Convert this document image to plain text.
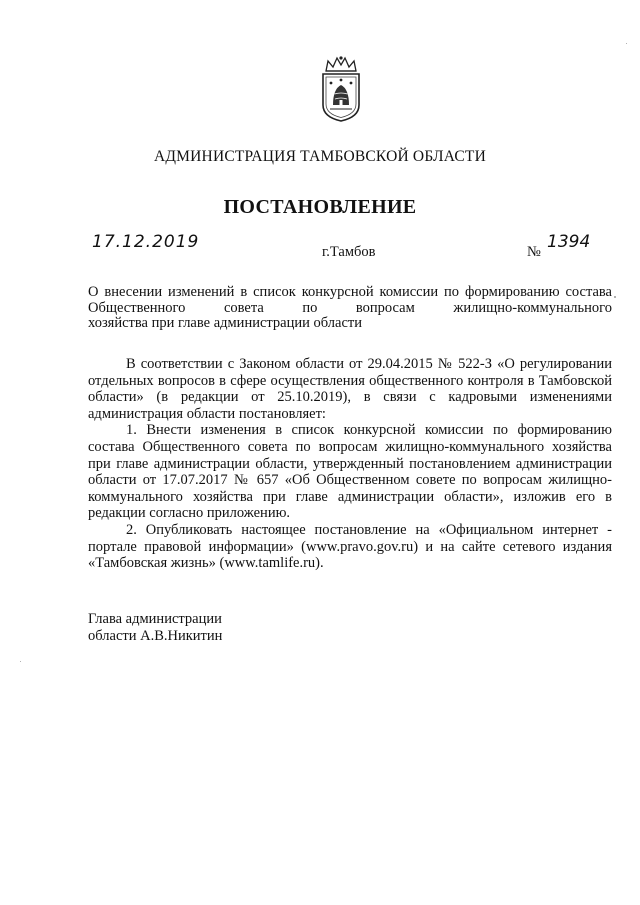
АДМИНИСТРАЦИЯ ТАМБОВСКОЙ ОБЛАСТИ
ПОСТАНОВЛЕНИЕ
17.12.2019	г.Тамбов	№ 1394

О внесении изменений в список конкурсной комиссии по формированию состава Общественного совета по вопросам жилищно-коммунального
хозяйства при главе администрации области

В соответствии с Законом области от 29.04.2015 № 522-З «О регулировании отдельных вопросов в сфере осуществления общественного контроля в Тамбовской области» (в редакции от 25.10.2019), в связи с кадровыми изменениями администрация области постановляет:

1. Внести изменения в список конкурсной комиссии по формированию состава Общественного совета по вопросам жилищно-коммунального хозяйства при главе администрации области, утвержденный постановлением администрации области от 17.07.2017 № 657 «Об Общественном совете по вопросам жилищно-коммунального хозяйства при главе администрации области», изложив его в редакции согласно приложению.

2. Опубликовать настоящее постановление на «Официальном интернет - портале правовой информации» (www.pravo.gov.ru) и на сайте сетевого издания «Тамбовская жизнь» (www.tamlife.ru).

Глава администрации
области А.В.Никитин
